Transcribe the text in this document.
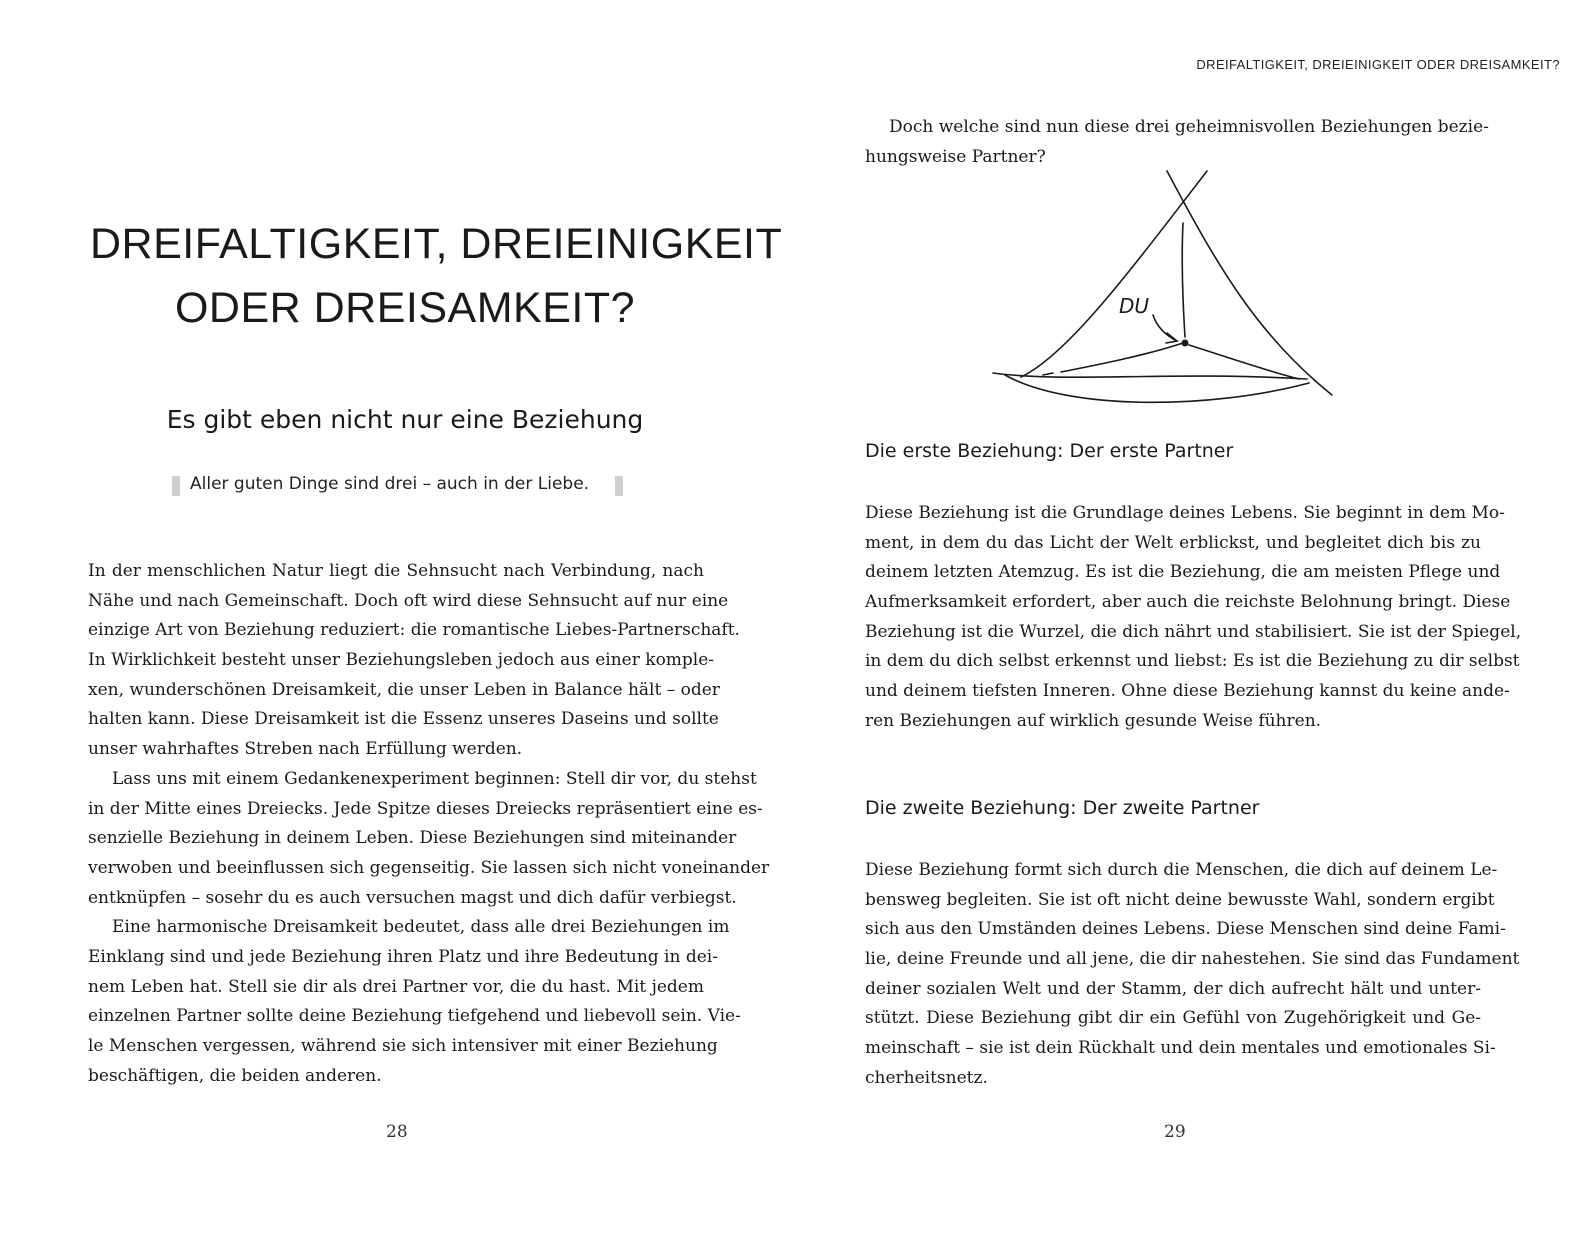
DREIFALTIGKEIT, DREIEINIGKEIT
ODER DREISAMKEIT?
Es gibt eben nicht nur eine Beziehung
Aller guten Dinge sind drei – auch in der Liebe.
In der menschlichen Natur liegt die Sehnsucht nach Verbindung, nach
Nähe und nach Gemeinschaft. Doch oft wird diese Sehnsucht auf nur eine
einzige Art von Beziehung reduziert: die romantische Liebes-Partnerschaft.
In Wirklichkeit besteht unser Beziehungsleben jedoch aus einer komple-
xen, wunderschönen Dreisamkeit, die unser Leben in Balance hält – oder
halten kann. Diese Dreisamkeit ist die Essenz unseres Daseins und sollte
unser wahrhaftes Streben nach Erfüllung werden.
Lass uns mit einem Gedankenexperiment beginnen: Stell dir vor, du stehst
in der Mitte eines Dreiecks. Jede Spitze dieses Dreiecks repräsentiert eine es-
senzielle Beziehung in deinem Leben. Diese Beziehungen sind miteinander
verwoben und beeinflussen sich gegenseitig. Sie lassen sich nicht voneinander
entknüpfen – sosehr du es auch versuchen magst und dich dafür verbiegst.
Eine harmonische Dreisamkeit bedeutet, dass alle drei Beziehungen im
Einklang sind und jede Beziehung ihren Platz und ihre Bedeutung in dei-
nem Leben hat. Stell sie dir als drei Partner vor, die du hast. Mit jedem
einzelnen Partner sollte deine Beziehung tiefgehend und liebevoll sein. Vie-
le Menschen vergessen, während sie sich intensiver mit einer Beziehung
beschäftigen, die beiden anderen.
28
DREIFALTIGKEIT, DREIEINIGKEIT ODER DREISAMKEIT?
Doch welche sind nun diese drei geheimnisvollen Beziehungen bezie-
hungsweise Partner?
DU
Die erste Beziehung: Der erste Partner
Diese Beziehung ist die Grundlage deines Lebens. Sie beginnt in dem Mo-
ment, in dem du das Licht der Welt erblickst, und begleitet dich bis zu
deinem letzten Atemzug. Es ist die Beziehung, die am meisten Pflege und
Aufmerksamkeit erfordert, aber auch die reichste Belohnung bringt. Diese
Beziehung ist die Wurzel, die dich nährt und stabilisiert. Sie ist der Spiegel,
in dem du dich selbst erkennst und liebst: Es ist die Beziehung zu dir selbst
und deinem tiefsten Inneren. Ohne diese Beziehung kannst du keine ande-
ren Beziehungen auf wirklich gesunde Weise führen.
Die zweite Beziehung: Der zweite Partner
Diese Beziehung formt sich durch die Menschen, die dich auf deinem Le-
bensweg begleiten. Sie ist oft nicht deine bewusste Wahl, sondern ergibt
sich aus den Umständen deines Lebens. Diese Menschen sind deine Fami-
lie, deine Freunde und all jene, die dir nahestehen. Sie sind das Fundament
deiner sozialen Welt und der Stamm, der dich aufrecht hält und unter-
stützt. Diese Beziehung gibt dir ein Gefühl von Zugehörigkeit und Ge-
meinschaft – sie ist dein Rückhalt und dein mentales und emotionales Si-
cherheitsnetz.
29
